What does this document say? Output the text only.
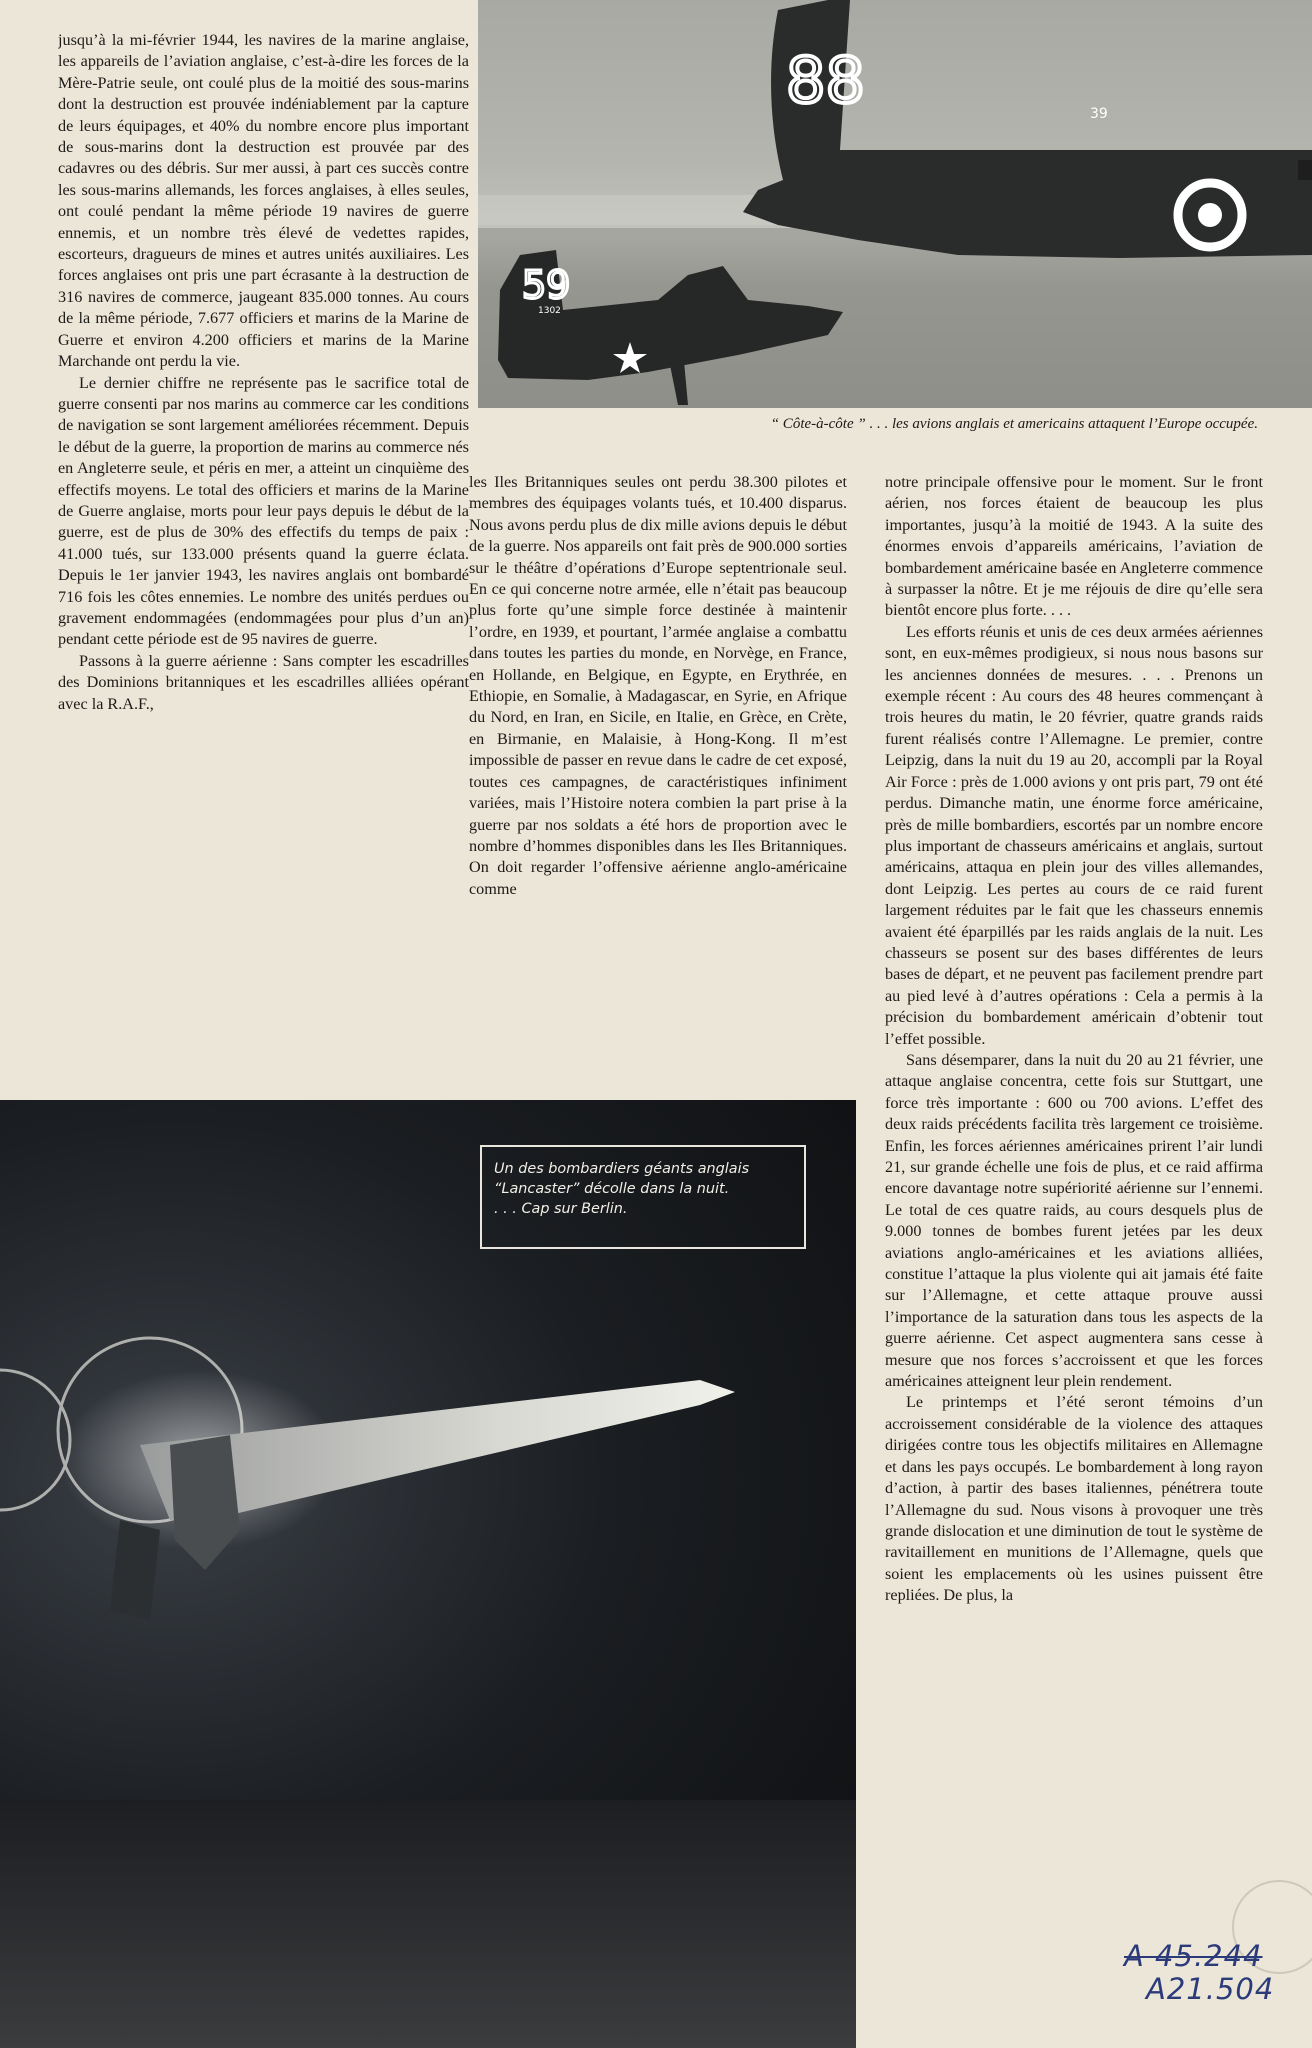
jusqu’à la mi-février 1944, les navires de la marine anglaise, les appareils de l’aviation anglaise, c’est-à-dire les forces de la Mère-Patrie seule, ont coulé plus de la moitié des sous-marins dont la destruction est prouvée indéniablement par la capture de leurs équipages, et 40% du nombre encore plus important de sous-marins dont la destruction est prouvée par des cadavres ou des débris. Sur mer aussi, à part ces succès contre les sous-marins allemands, les forces anglaises, à elles seules, ont coulé pendant la même période 19 navires de guerre ennemis, et un nombre très élevé de vedettes rapides, escorteurs, dragueurs de mines et autres unités auxiliaires. Les forces anglaises ont pris une part écrasante à la destruction de 316 navires de commerce, jaugeant 835.000 tonnes. Au cours de la même période, 7.677 officiers et marins de la Marine de Guerre et environ 4.200 officiers et marins de la Marine Marchande ont perdu la vie.

Le dernier chiffre ne représente pas le sacrifice total de guerre consenti par nos marins au commerce car les conditions de navigation se sont largement améliorées récemment. Depuis le début de la guerre, la proportion de marins au commerce nés en Angleterre seule, et péris en mer, a atteint un cinquième des effectifs moyens. Le total des officiers et marins de la Marine de Guerre anglaise, morts pour leur pays depuis le début de la guerre, est de plus de 30% des effectifs du temps de paix : 41.000 tués, sur 133.000 présents quand la guerre éclata. Depuis le 1er janvier 1943, les navires anglais ont bombardé 716 fois les côtes ennemies. Le nombre des unités perdues ou gravement endommagées (endommagées pour plus d’un an) pendant cette période est de 95 navires de guerre.

Passons à la guerre aérienne : Sans compter les escadrilles des Dominions britanniques et les escadrilles alliées opérant avec la R.A.F.,

88	39
59
1302
“ Côte-à-côte ” . . . les avions anglais et americains attaquent l’Europe occupée.

les Iles Britanniques seules ont perdu 38.300 pilotes et membres des équipages volants tués, et 10.400 disparus. Nous avons perdu plus de dix mille avions depuis le début de la guerre. Nos appareils ont fait près de 900.000 sorties sur le théâtre d’opérations d’Europe septentrionale seul. En ce qui concerne notre armée, elle n’était pas beaucoup plus forte qu’une simple force destinée à maintenir l’ordre, en 1939, et pourtant, l’armée anglaise a combattu dans toutes les parties du monde, en Norvège, en France, en Hollande, en Belgique, en Egypte, en Erythrée, en Ethiopie, en Somalie, à Madagascar, en Syrie, en Afrique du Nord, en Iran, en Sicile, en Italie, en Grèce, en Crète, en Birmanie, en Malaisie, à Hong-Kong. Il m’est impossible de passer en revue dans le cadre de cet exposé, toutes ces campagnes, de caractéristiques infiniment variées, mais l’Histoire notera combien la part prise à la guerre par nos soldats a été hors de proportion avec le nombre d’hommes disponibles dans les Iles Britanniques. On doit regarder l’offensive aérienne anglo-américaine comme

notre principale offensive pour le moment. Sur le front aérien, nos forces étaient de beaucoup les plus importantes, jusqu’à la moitié de 1943. A la suite des énormes envois d’appareils américains, l’aviation de bombardement américaine basée en Angleterre commence à surpasser la nôtre. Et je me réjouis de dire qu’elle sera bientôt encore plus forte. . . .

Les efforts réunis et unis de ces deux armées aériennes sont, en eux-mêmes prodigieux, si nous nous basons sur les anciennes données de mesures. . . . Prenons un exemple récent : Au cours des 48 heures commençant à trois heures du matin, le 20 février, quatre grands raids furent réalisés contre l’Allemagne. Le premier, contre Leipzig, dans la nuit du 19 au 20, accompli par la Royal Air Force : près de 1.000 avions y ont pris part, 79 ont été perdus. Dimanche matin, une énorme force américaine, près de mille bombardiers, escortés par un nombre encore plus important de chasseurs américains et anglais, surtout américains, attaqua en plein jour des villes allemandes, dont Leipzig. Les pertes au cours de ce raid furent largement réduites par le fait que les chasseurs ennemis avaient été éparpillés par les raids anglais de la nuit. Les chasseurs se posent sur des bases différentes de leurs bases de départ, et ne peuvent pas facilement prendre part au pied levé à d’autres opérations : Cela a permis à la précision du bombardement américain d’obtenir tout l’effet possible.

Sans désemparer, dans la nuit du 20 au 21 février, une attaque anglaise concentra, cette fois sur Stuttgart, une force très importante : 600 ou 700 avions. L’effet des deux raids précédents facilita très largement ce troisième. Enfin, les forces aériennes américaines prirent l’air lundi 21, sur grande échelle une fois de plus, et ce raid affirma encore davantage notre supériorité aérienne sur l’ennemi. Le total de ces quatre raids, au cours desquels plus de 9.000 tonnes de bombes furent jetées par les deux aviations anglo-américaines et les aviations alliées, constitue l’attaque la plus violente qui ait jamais été faite sur l’Allemagne, et cette attaque prouve aussi l’importance de la saturation dans tous les aspects de la guerre aérienne. Cet aspect augmentera sans cesse à mesure que nos forces s’accroissent et que les forces américaines atteignent leur plein rendement.

Le printemps et l’été seront témoins d’un accroissement considérable de la violence des attaques dirigées contre tous les objectifs militaires en Allemagne et dans les pays occupés. Le bombardement à long rayon d’action, à partir des bases italiennes, pénétrera toute l’Allemagne du sud. Nous visons à provoquer une très grande dislocation et une diminution de tout le système de ravitaillement en munitions de l’Allemagne, quels que soient les emplacements où les usines puissent être repliées. De plus, la

Un des bombardiers géants anglais
“Lancaster” décolle dans la nuit.
. . . Cap sur Berlin.
A 45.244
A21.504
